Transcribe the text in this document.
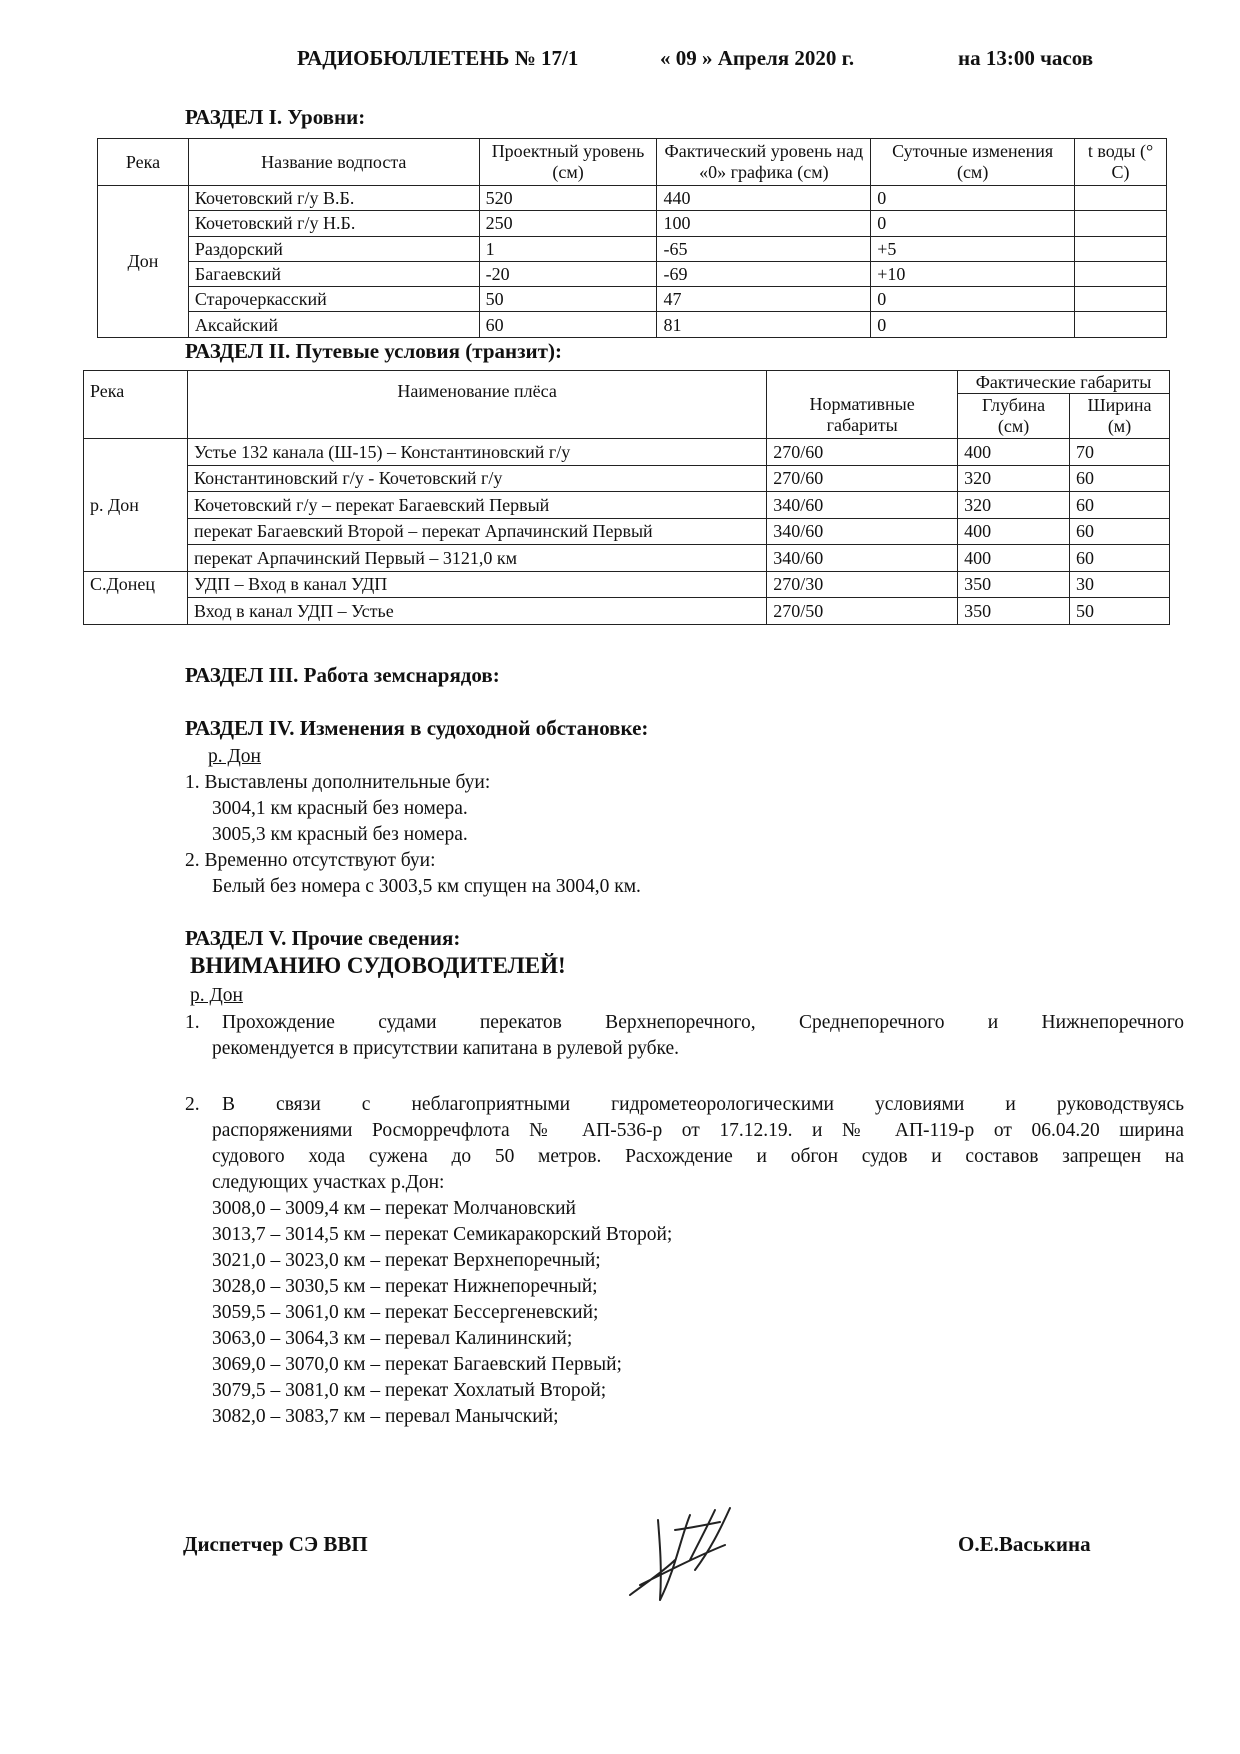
РАДИОБЮЛЛЕТЕНЬ № 17/1	« 09 » Апреля 2020 г.	на 13:00 часов
РАЗДЕЛ I. Уровни:
Река	Название водпоста	Проектный уровень (см)	Фактический уровень над «0» графика (см)	Суточные изменения (см)	t воды (° С)
Дон	Кочетовский г/у В.Б.	520	440	0	
	Кочетовский г/у Н.Б.	250	100	0	
	Раздорский	1	-65	+5	
	Багаевский	-20	-69	+10	
	Старочеркасский	50	47	0	
	Аксайский	60	81	0	
РАЗДЕЛ II. Путевые условия (транзит):
Река	Наименование плёса	Нормативные габариты	Фактические габариты	
			Глубина (см)	Ширина (м)
р. Дон	Устье 132 канала (Ш-15) – Константиновский г/у	270/60	400	70
	Константиновский г/у - Кочетовский г/у	270/60	320	60
	Кочетовский г/у – перекат Багаевский Первый	340/60	320	60
	перекат Багаевский Второй – перекат Арпачинский Первый	340/60	400	60
	перекат Арпачинский Первый – 3121,0 км	340/60	400	60
С.Донец	УДП – Вход в канал УДП	270/30	350	30
	Вход в канал УДП – Устье	270/50	350	50
РАЗДЕЛ III. Работа земснарядов:
РАЗДЕЛ IV. Изменения в судоходной обстановке:
р. Дон
1. Выставлены дополнительные буи:
3004,1 км красный без номера.
3005,3 км красный без номера.
2. Временно отсутствуют буи:
Белый без номера с 3003,5 км спущен на 3004,0 км.
РАЗДЕЛ V. Прочие сведения:
ВНИМАНИЮ СУДОВОДИТЕЛЕЙ!
р. Дон
1. Прохождение судами перекатов Верхнепоречного, Среднепоречного и Нижнепоречного
рекомендуется в присутствии капитана в рулевой рубке.
2. В связи с неблагоприятными гидрометеорологическими условиями и руководствуясь
распоряжениями Росморречфлота № АП-536-р от 17.12.19. и № АП-119-р от 06.04.20 ширина
судового хода сужена до 50 метров. Расхождение и обгон судов и составов запрещен на
следующих участках р.Дон:
3008,0 – 3009,4 км – перекат Молчановский
3013,7 – 3014,5 км – перекат Семикаракорский Второй;
3021,0 – 3023,0 км – перекат Верхнепоречный;
3028,0 – 3030,5 км – перекат Нижнепоречный;
3059,5 – 3061,0 км – перекат Бессергеневский;
3063,0 – 3064,3 км – перевал Калининский;
3069,0 – 3070,0 км – перекат Багаевский Первый;
3079,5 – 3081,0 км – перекат Хохлатый Второй;
3082,0 – 3083,7 км – перевал Манычский;
Диспетчер СЭ ВВП	О.Е.Васькина
